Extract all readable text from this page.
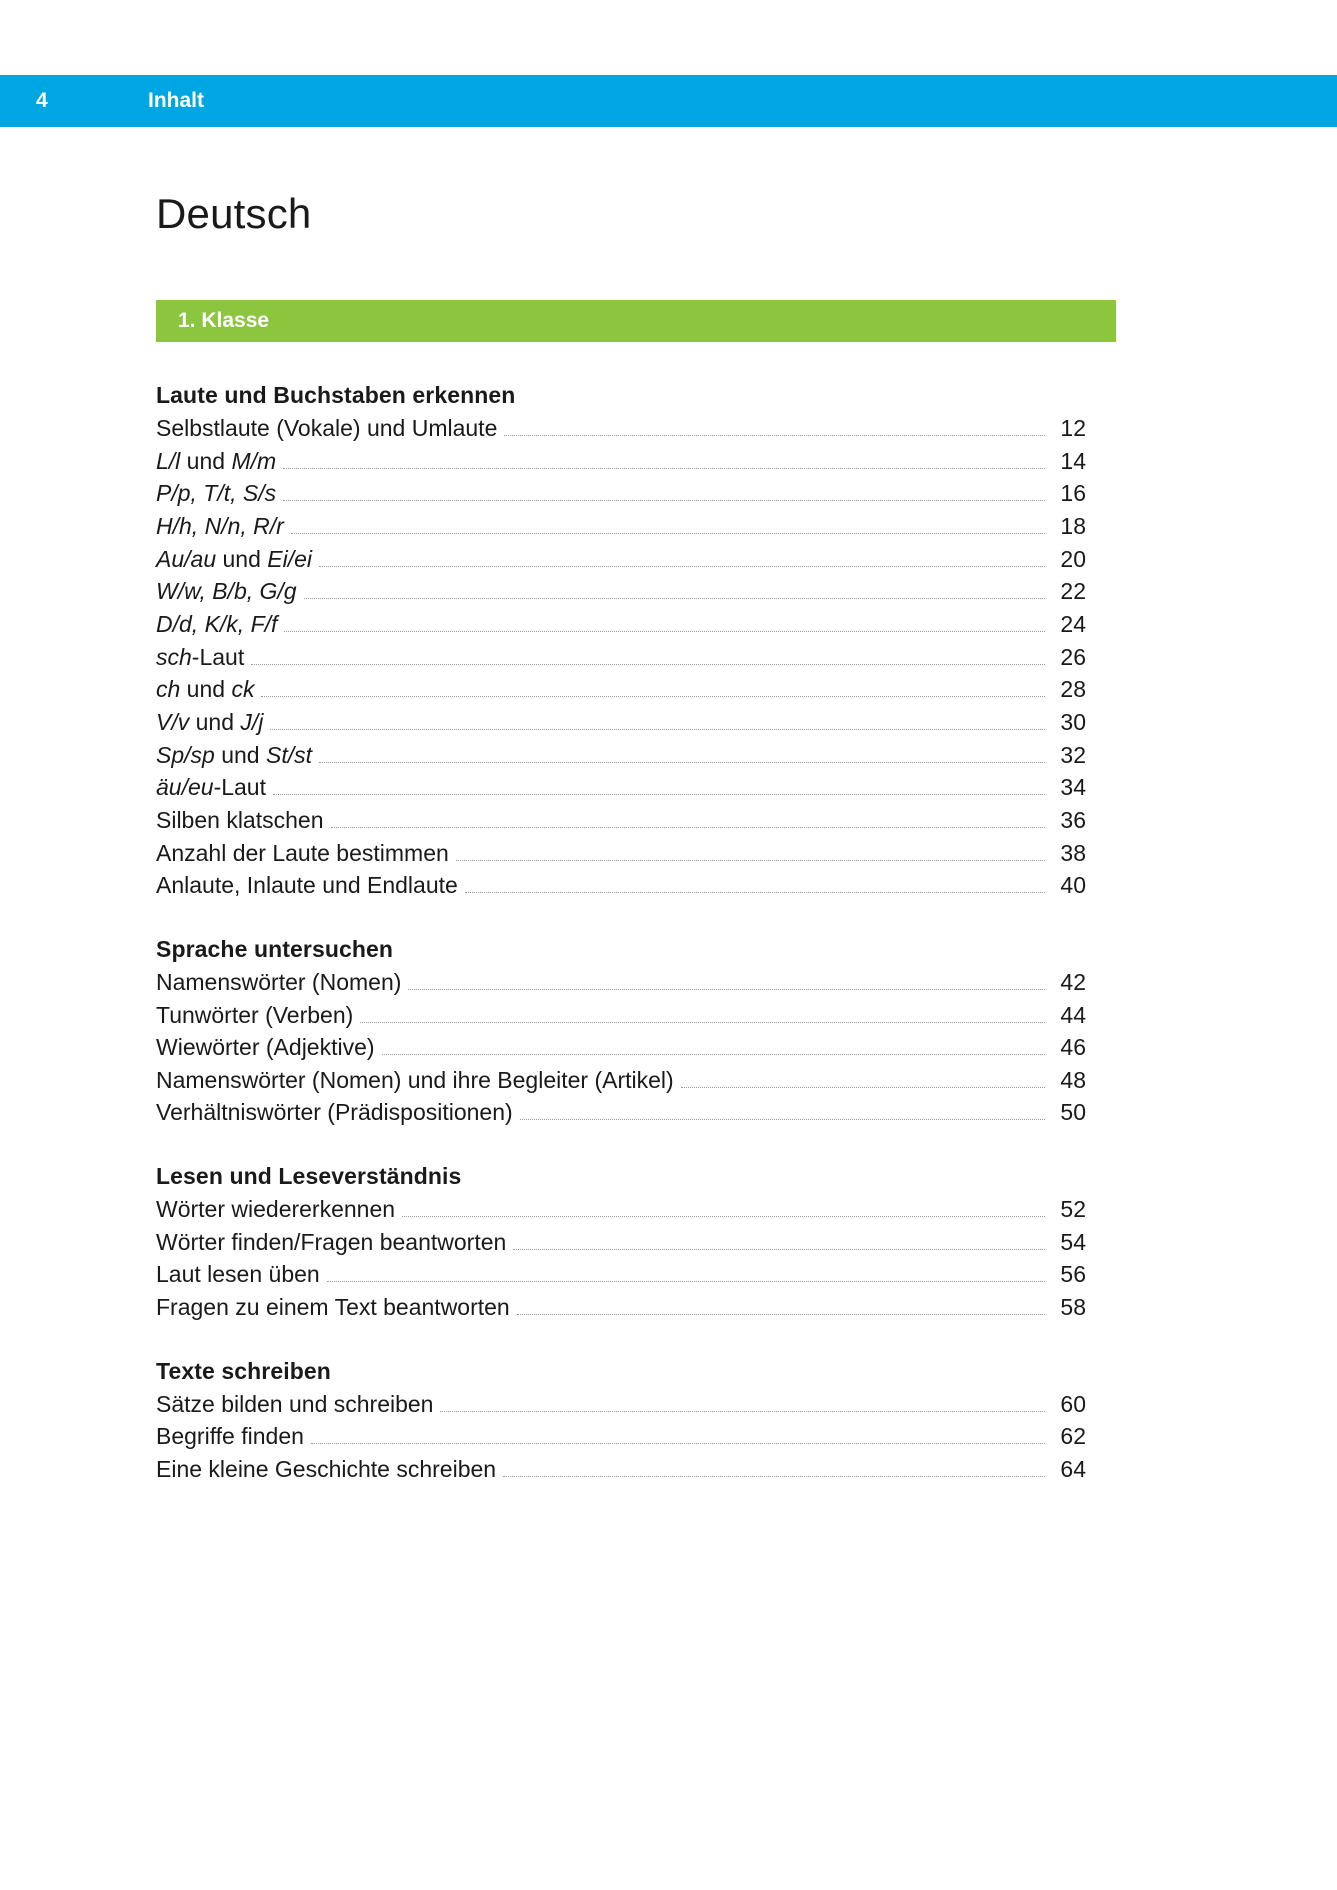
4	Inhalt
Deutsch
1. Klasse
Laute und Buchstaben erkennen
Selbstlaute (Vokale) und Umlaute	12
L/l und M/m	14
P/p, T/t, S/s	16
H/h, N/n, R/r	18
Au/au und Ei/ei	20
W/w, B/b, G/g	22
D/d, K/k, F/f	24
sch-Laut	26
ch und ck	28
V/v und J/j	30
Sp/sp und St/st	32
äu/eu-Laut	34
Silben klatschen	36
Anzahl der Laute bestimmen	38
Anlaute, Inlaute und Endlaute	40
Sprache untersuchen
Namenswörter (Nomen)	42
Tunwörter (Verben)	44
Wiewörter (Adjektive)	46
Namenswörter (Nomen) und ihre Begleiter (Artikel)	48
Verhältniswörter (Prädispositionen)	50
Lesen und Leseverständnis
Wörter wiedererkennen	52
Wörter finden/Fragen beantworten	54
Laut lesen üben	56
Fragen zu einem Text beantworten	58
Texte schreiben
Sätze bilden und schreiben	60
Begriffe finden	62
Eine kleine Geschichte schreiben	64
